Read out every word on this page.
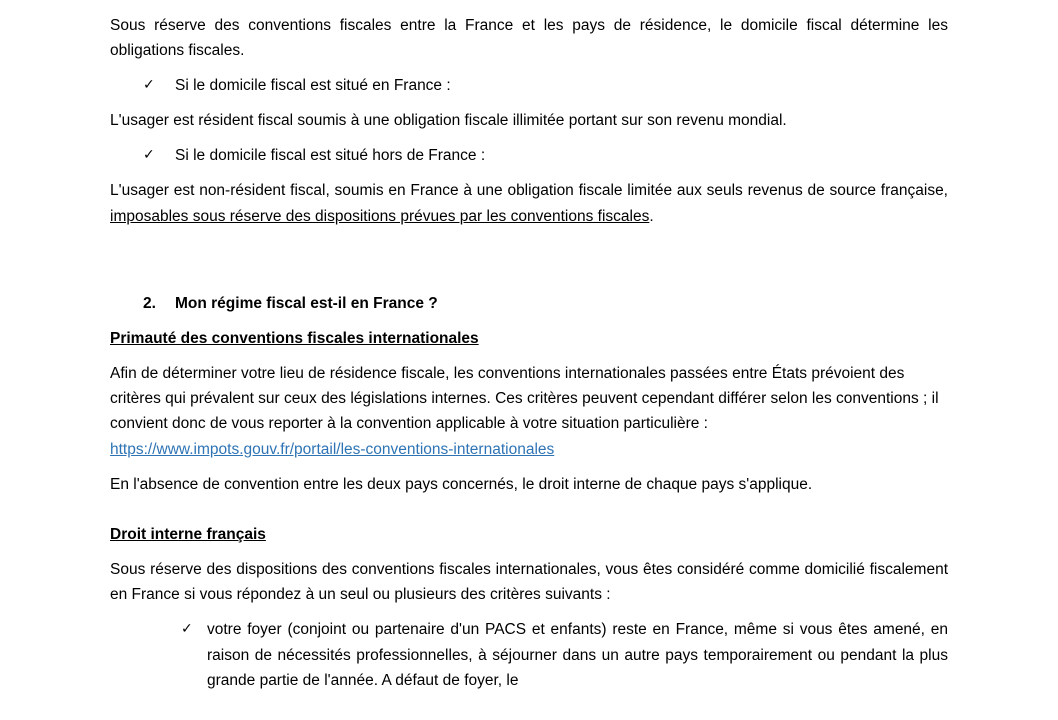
Sous réserve des conventions fiscales entre la France et les pays de résidence, le domicile fiscal détermine les obligations fiscales.

✓ Si le domicile fiscal est situé en France :

L'usager est résident fiscal soumis à une obligation fiscale illimitée portant sur son revenu mondial.

✓ Si le domicile fiscal est situé hors de France :

L'usager est non-résident fiscal, soumis en France à une obligation fiscale limitée aux seuls revenus de source française, imposables sous réserve des dispositions prévues par les conventions fiscales.

2. Mon régime fiscal est-il en France ?

Primauté des conventions fiscales internationales

Afin de déterminer votre lieu de résidence fiscale, les conventions internationales passées entre États prévoient des critères qui prévalent sur ceux des législations internes. Ces critères peuvent cependant différer selon les conventions ; il convient donc de vous reporter à la convention applicable à votre situation particulière : https://www.impots.gouv.fr/portail/les-conventions-internationales

En l'absence de convention entre les deux pays concernés, le droit interne de chaque pays s'applique.

Droit interne français

Sous réserve des dispositions des conventions fiscales internationales, vous êtes considéré comme domicilié fiscalement en France si vous répondez à un seul ou plusieurs des critères suivants :

✓ votre foyer (conjoint ou partenaire d'un PACS et enfants) reste en France, même si vous êtes amené, en raison de nécessités professionnelles, à séjourner dans un autre pays temporairement ou pendant la plus grande partie de l'année. A défaut de foyer, le
